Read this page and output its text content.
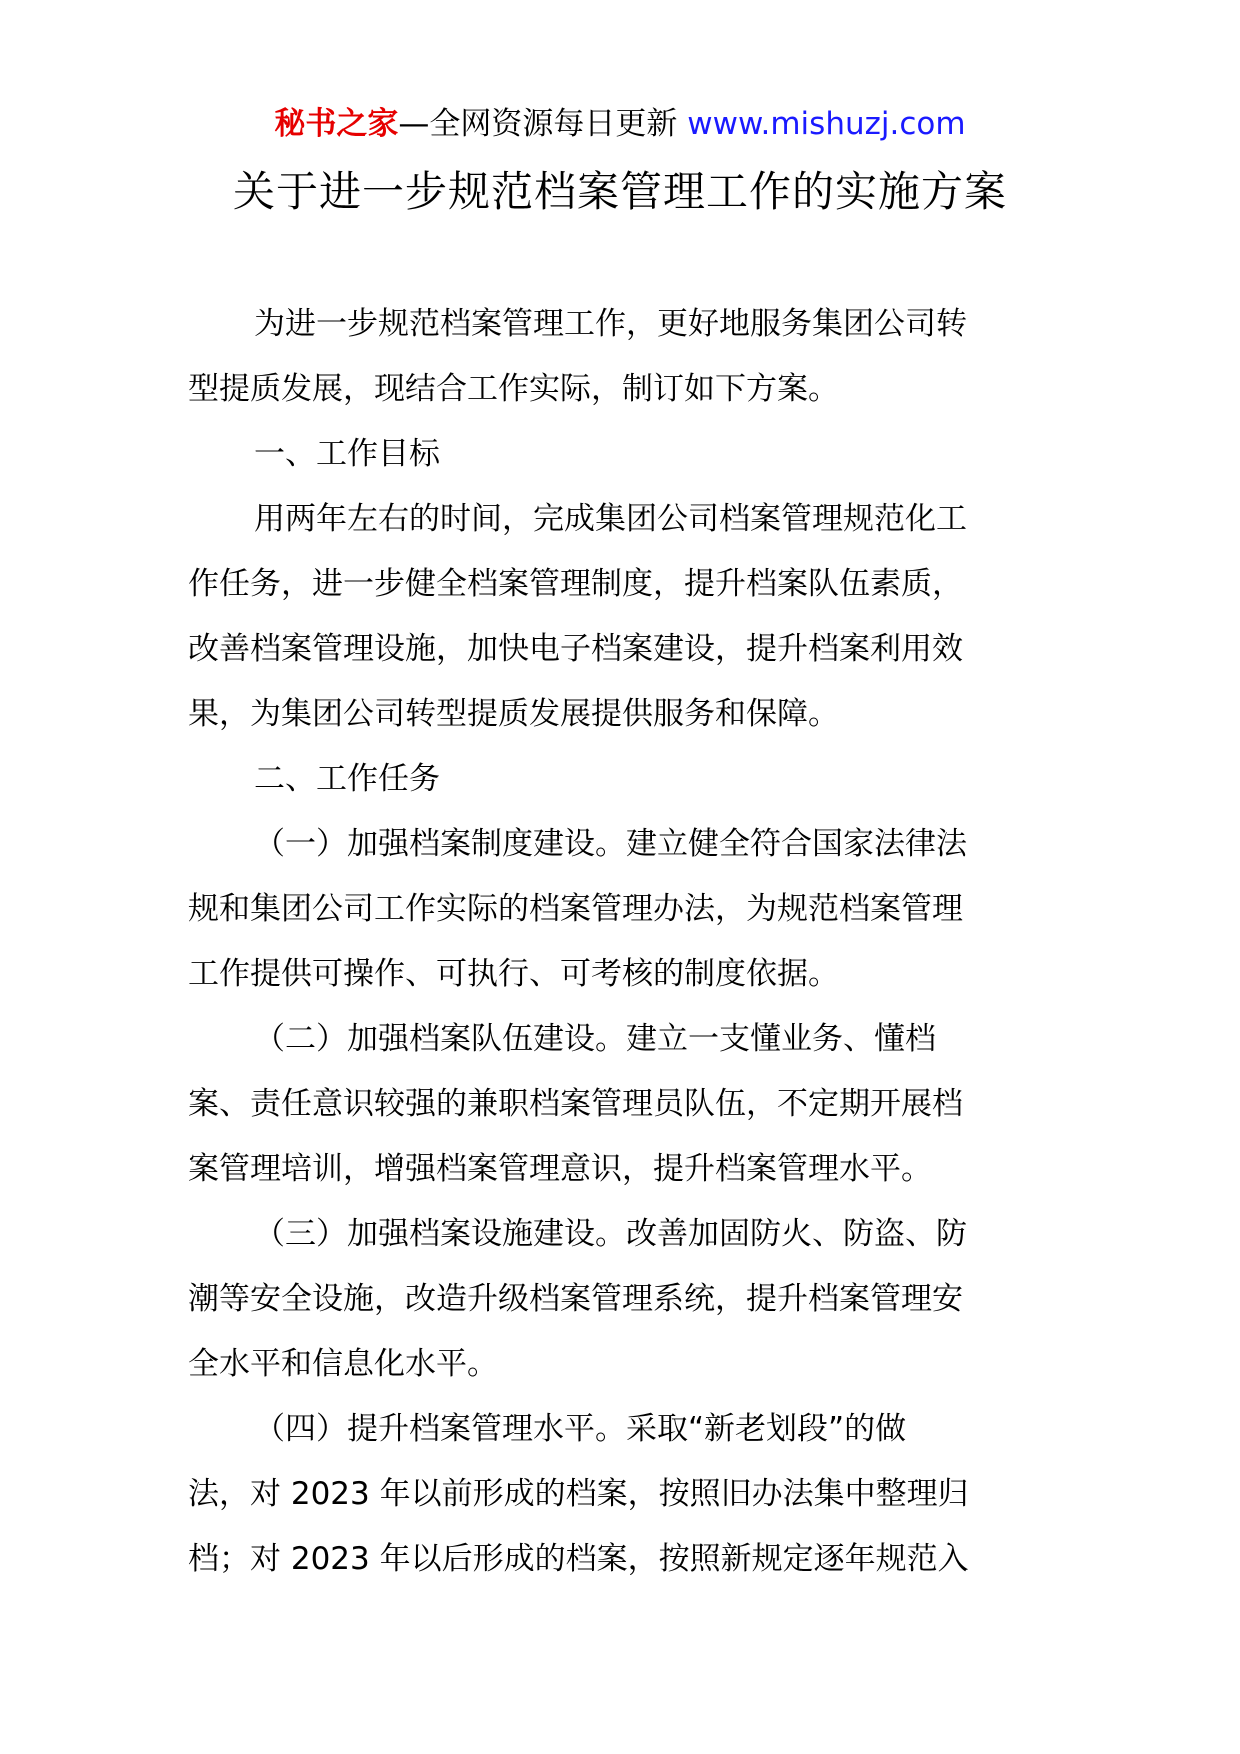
秘书之家—全网资源每日更新 www.mishuzj.com
关于进一步规范档案管理工作的实施方案
为进一步规范档案管理工作，更好地服务集团公司转
型提质发展，现结合工作实际，制订如下方案。
一、工作目标
用两年左右的时间，完成集团公司档案管理规范化工
作任务，进一步健全档案管理制度，提升档案队伍素质，
改善档案管理设施，加快电子档案建设，提升档案利用效
果，为集团公司转型提质发展提供服务和保障。
二、工作任务
（一）加强档案制度建设。建立健全符合国家法律法
规和集团公司工作实际的档案管理办法，为规范档案管理
工作提供可操作、可执行、可考核的制度依据。
（二）加强档案队伍建设。建立一支懂业务、懂档
案、责任意识较强的兼职档案管理员队伍，不定期开展档
案管理培训，增强档案管理意识，提升档案管理水平。
（三）加强档案设施建设。改善加固防火、防盗、防
潮等安全设施，改造升级档案管理系统，提升档案管理安
全水平和信息化水平。
（四）提升档案管理水平。采取“新老划段”的做
法，对 2023 年以前形成的档案，按照旧办法集中整理归
档；对 2023 年以后形成的档案，按照新规定逐年规范入
